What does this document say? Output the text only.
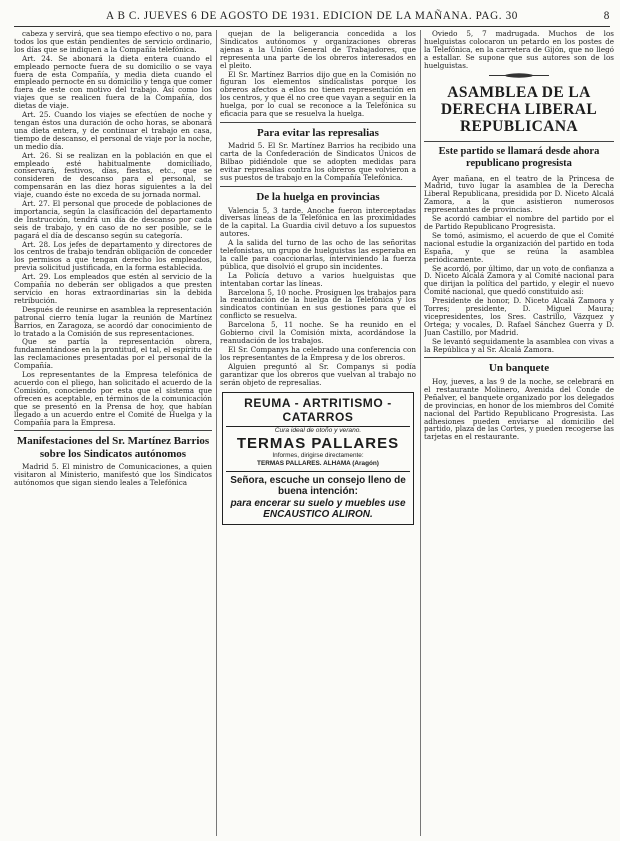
A B C. JUEVES 6 DE AGOSTO DE 1931. EDICION DE LA MAÑANA. PAG. 30	8

cabeza y servirá, que sea tiempo efectivo o no, para todos los que están pendientes de servicio ordinario, los días que se indiquen a la Compañía telefónica.

Art. 24. Se abonará la dieta entera cuando el empleado pernocte fuera de su domicilio o se vaya fuera de esta Compañía, y media dieta cuando el empleado pernocte en su domicilio y tenga que comer fuera de este con motivo del trabajo. Así como los viajes que se realicen fuera de la Compañía, dos dietas de viaje.

Art. 25. Cuando los viajes se efectúen de noche y tengan éstos una duración de ocho horas, se abonará una dieta entera, y de continuar el trabajo en casa, tiempo de descanso, el personal de viaje por la noche, un medio día.

Art. 26. Si se realizan en la población en que el empleado esté habitualmente domiciliado, conservará, festivos, días, fiestas, etc., que se consideren de descanso para el personal, se compensarán en las diez horas siguientes a la del viaje, cuando éste no exceda de su jornada normal.

Art. 27. El personal que procede de poblaciones de importancia, según la clasificación del departamento de Instrucción, tendrá un día de descanso por cada seis de trabajo, y en caso de no ser posible, se le pagará el día de descanso según su categoría.

Art. 28. Los jefes de departamento y directores de los centros de trabajo tendrán obligación de conceder los permisos a que tengan derecho los empleados, previa solicitud justificada, en la forma establecida.

Art. 29. Los empleados que estén al servicio de la Compañía no deberán ser obligados a que presten servicio en horas extraordinarias sin la debida retribución.

Después de reunirse en asamblea la representación patronal cierro tenía lugar la reunión de Martínez Barrios, en Zaragoza, se acordó dar conocimiento de lo tratado a la Comisión de sus representaciones.

Que se partía la representación obrera, fundamentándose en la prontitud, el tal, el espíritu de las reclamaciones presentadas por el personal de la Compañía.

Los representantes de la Empresa telefónica de acuerdo con el pliego, han solicitado el acuerdo de la Comisión, conociendo por esta que el sistema que ofrecen es aceptable, en términos de la comunicación que se presentó en la Prensa de hoy, que habían llegado a un acuerdo entre el Comité de Huelga y la Compañía para la Empresa.

Manifestaciones del Sr. Martínez Barrios sobre los Sindicatos autónomos

Madrid 5. El ministro de Comunicaciones, a quien visitaron al Ministerio, manifestó que los Sindicatos autónomos que sigan siendo leales a Telefónica

quejan de la beligerancia concedida a los Sindicatos autónomos y organizaciones obreras ajenas a la Unión General de Trabajadores, que representa una parte de los obreros interesados en el pleito.

El Sr. Martínez Barrios dijo que en la Comisión no figuran los elementos sindicalistas porque los obreros afectos a ellos no tienen representación en los centros, y que él no cree que vayan a seguir en la huelga, por lo cual se reconoce a la Telefónica su eficacia para que se resuelva la huelga.

Para evitar las represalias

Madrid 5. El Sr. Martínez Barrios ha recibido una carta de la Confederación de Sindicatos Únicos de Bilbao pidiéndole que se adopten medidas para evitar represalias contra los obreros que volvieron a sus puestos de trabajo en la Compañía Telefónica.

De la huelga en provincias

Valencia 5, 3 tarde. Anoche fueron interceptadas diversas líneas de la Telefónica en las proximidades de la capital. La Guardia civil detuvo a los supuestos autores.

A la salida del turno de las ocho de las señoritas telefonistas, un grupo de huelguistas las esperaba en la calle para coaccionarlas, interviniendo la fuerza pública, que disolvió el grupo sin incidentes.

La Policía detuvo a varios huelguistas que intentaban cortar las líneas.

Barcelona 5, 10 noche. Prosiguen los trabajos para la reanudación de la huelga de la Telefónica y los sindicatos continúan en sus gestiones para que el conflicto se resuelva.

Barcelona 5, 11 noche. Se ha reunido en el Gobierno civil la Comisión mixta, acordándose la reanudación de los trabajos.

El Sr. Companys ha celebrado una conferencia con los representantes de la Empresa y de los obreros.

Alguien preguntó al Sr. Companys si podía garantizar que los obreros que vuelvan al trabajo no serán objeto de represalias.

REUMA - ARTRITISMO - CATARROS
Cura ideal de otoño y verano.
TERMAS PALLARES
Informes, dirigirse directamente:
TERMAS PALLARES. ALHAMA (Aragón)
Señora, escuche un consejo lleno de buena intención:
para encerar su suelo y muebles use ENCAUSTICO ALIRON.

Oviedo 5, 7 madrugada. Muchos de los huelguistas colocaron un petardo en los postes de la Telefónica, en la carretera de Gijón, que no llegó a estallar. Se supone que sus autores son de los huelguistas.

ASAMBLEA DE LA DERECHA LIBERAL REPUBLICANA
Este partido se llamará desde ahora republicano progresista

Ayer mañana, en el teatro de la Princesa de Madrid, tuvo lugar la asamblea de la Derecha Liberal Republicana, presidida por D. Niceto Alcalá Zamora, a la que asistieron numerosos representantes de provincias.

Se acordó cambiar el nombre del partido por el de Partido Republicano Progresista.

Se tomó, asimismo, el acuerdo de que el Comité nacional estudie la organización del partido en toda España, y que se reúna la asamblea periódicamente.

Se acordó, por último, dar un voto de confianza a D. Niceto Alcalá Zamora y al Comité nacional para que dirijan la política del partido, y elegir el nuevo Comité nacional, que quedó constituido así:

Presidente de honor, D. Niceto Alcalá Zamora y Torres; presidente, D. Miguel Maura; vicepresidentes, los Sres. Castrillo, Vázquez y Ortega; y vocales, D. Rafael Sánchez Guerra y D. Juan Castillo, por Madrid.

Se levantó seguidamente la asamblea con vivas a la República y al Sr. Alcalá Zamora.

Un banquete

Hoy, jueves, a las 9 de la noche, se celebrará en el restaurante Molinero, Avenida del Conde de Peñalver, el banquete organizado por los delegados de provincias, en honor de los miembros del Comité nacional del Partido Republicano Progresista. Las adhesiones pueden enviarse al domicilio del partido, plaza de las Cortes, y pueden recogerse las tarjetas en el restaurante.
